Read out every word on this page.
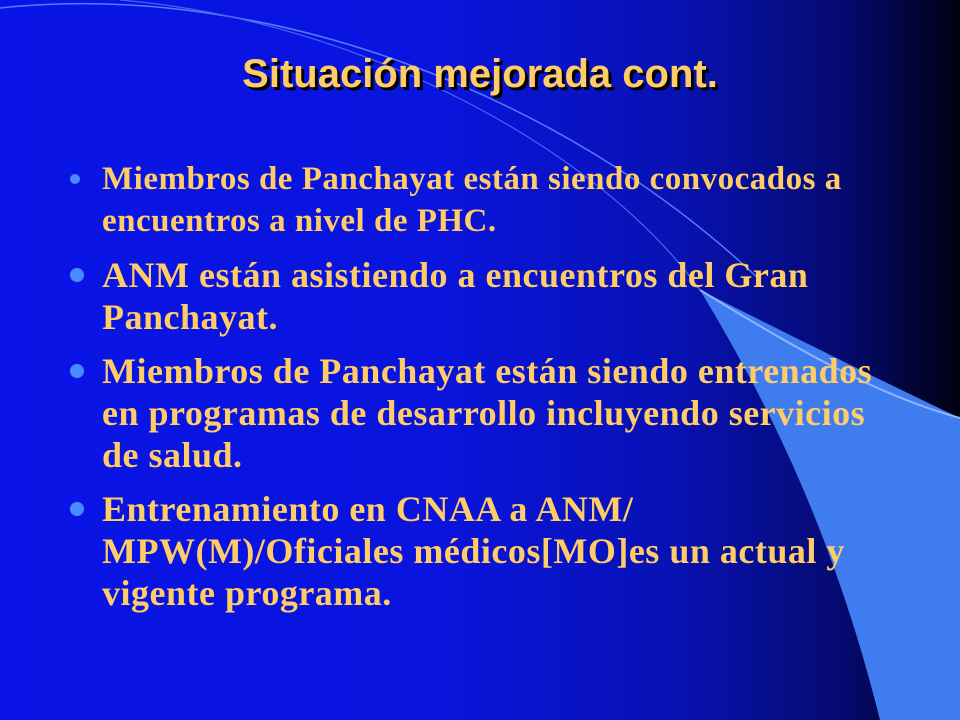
Situación mejorada cont.
Miembros de Panchayat están siendo convocados a encuentros a nivel de PHC.
ANM están asistiendo a encuentros del Gran Panchayat.
Miembros de Panchayat están siendo entrenados en programas de desarrollo incluyendo servicios de salud.
Entrenamiento en CNAA a ANM/ MPW(M)/Oficiales médicos[MO]es un actual y vigente programa.
